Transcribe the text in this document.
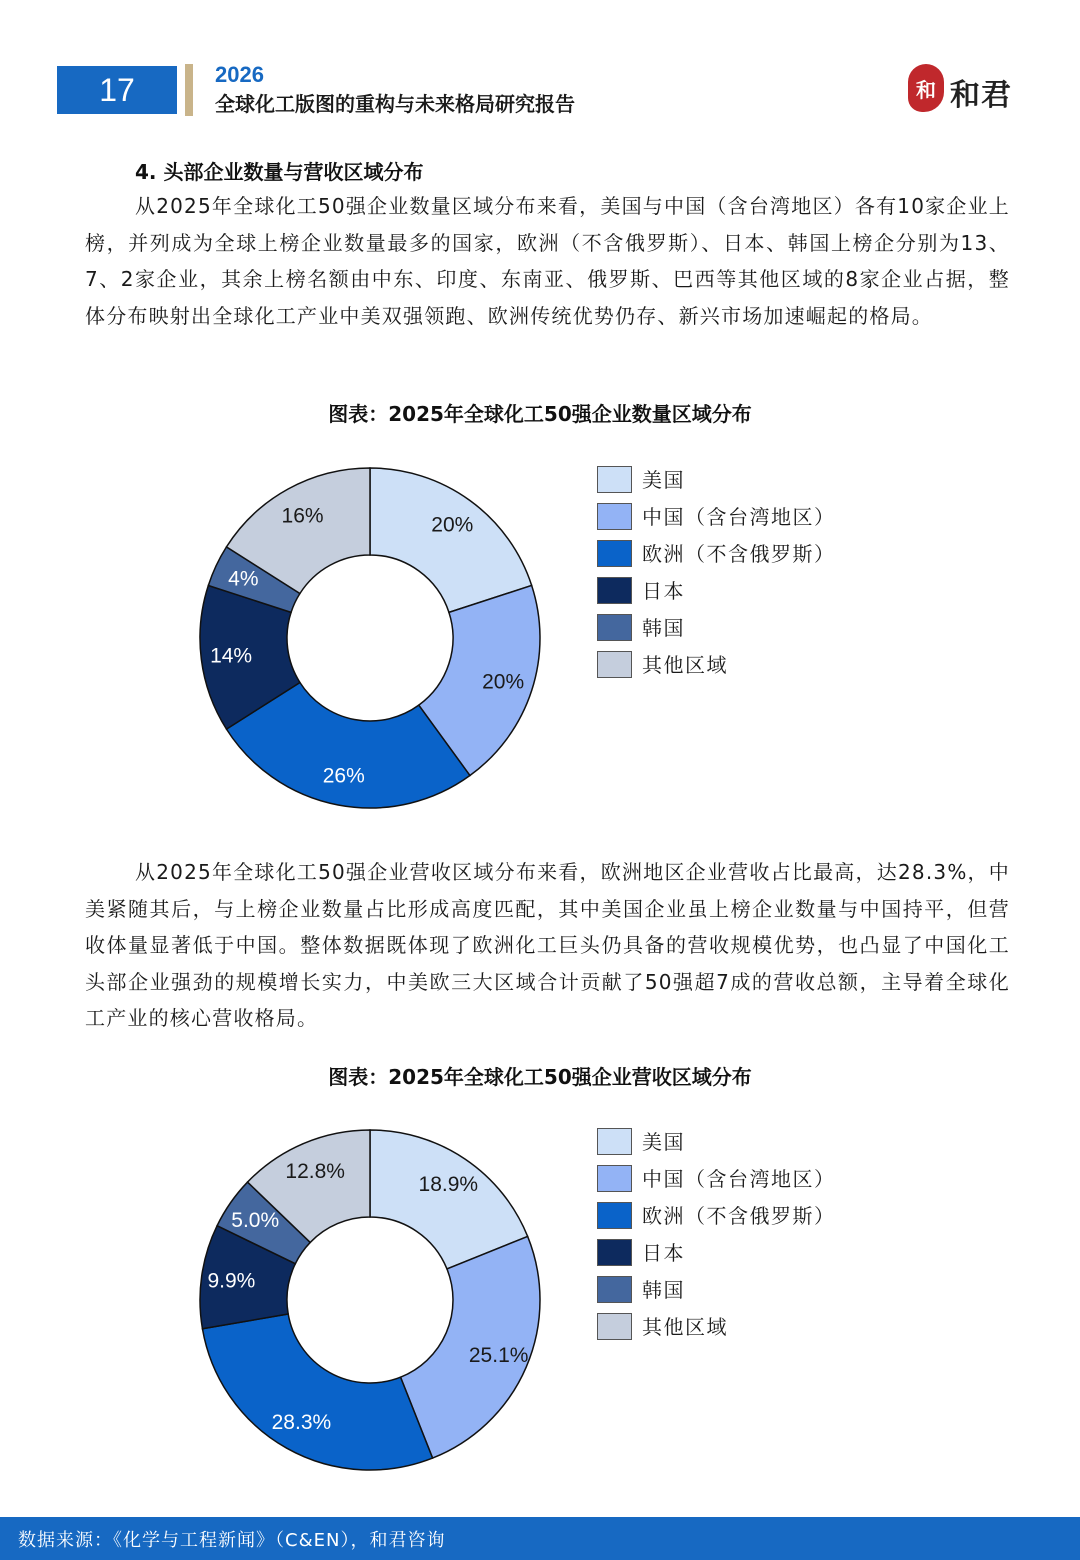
17	2026
全球化工版图的重构与未来格局研究报告
和 和君
4. 头部企业数量与营收区域分布

从2025年全球化工50强企业数量区域分布来看，美国与中国（含台湾地区）各有10家企业上榜，并列成为全球上榜企业数量最多的国家，欧洲（不含俄罗斯）、日本、韩国上榜企分别为13、7、2家企业，其余上榜名额由中东、印度、东南亚、俄罗斯、巴西等其他区域的8家企业占据，整体分布映射出全球化工产业中美双强领跑、欧洲传统优势仍存、新兴市场加速崛起的格局。

图表：2025年全球化工50强企业数量区域分布
20%
20%
26%
14%
4%
16%
美国
中国（含台湾地区）
欧洲（不含俄罗斯）
日本
韩国
其他区域

从2025年全球化工50强企业营收区域分布来看，欧洲地区企业营收占比最高，达28.3%，中美紧随其后，与上榜企业数量占比形成高度匹配，其中美国企业虽上榜企业数量与中国持平，但营收体量显著低于中国。整体数据既体现了欧洲化工巨头仍具备的营收规模优势，也凸显了中国化工头部企业强劲的规模增长实力，中美欧三大区域合计贡献了50强超7成的营收总额，主导着全球化工产业的核心营收格局。

图表：2025年全球化工50强企业营收区域分布
18.9%
25.1%
28.3%
9.9%
5.0%
12.8%
美国
中国（含台湾地区）
欧洲（不含俄罗斯）
日本
韩国
其他区域
数据来源：《化学与工程新闻》（C&EN），和君咨询
